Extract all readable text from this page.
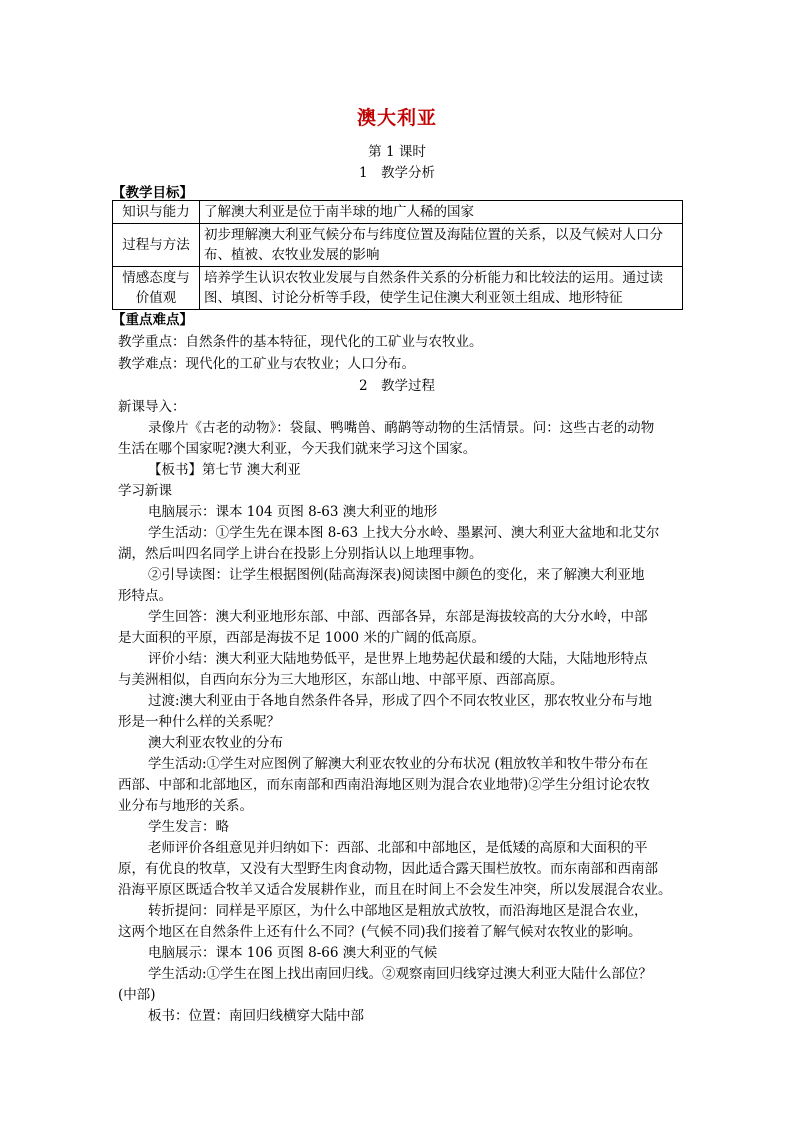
澳大利亚
第 1 课时
1　教学分析
【教学目标】
知识与能力	了解澳大利亚是位于南半球的地广人稀的国家
过程与方法	初步理解澳大利亚气候分布与纬度位置及海陆位置的关系，以及气候对人口分布、植被、农牧业发展的影响
情感态度与价值观	培养学生认识农牧业发展与自然条件关系的分析能力和比较法的运用。通过读图、填图、讨论分析等手段，使学生记住澳大利亚领土组成、地形特征
【重点难点】
教学重点：自然条件的基本特征，现代化的工矿业与农牧业。
教学难点：现代化的工矿业与农牧业；人口分布。
2　教学过程
新课导入：
录像片《古老的动物》：袋鼠、鸭嘴兽、鸸鹋等动物的生活情景。问：这些古老的动物
生活在哪个国家呢?澳大利亚，今天我们就来学习这个国家。
【板书】第七节 澳大利亚
学习新课
电脑展示：课本 104 页图 8-63 澳大利亚的地形
学生活动：①学生先在课本图 8-63 上找大分水岭、墨累河、澳大利亚大盆地和北艾尔
湖，然后叫四名同学上讲台在投影上分别指认以上地理事物。
②引导读图：让学生根据图例(陆高海深表)阅读图中颜色的变化，来了解澳大利亚地
形特点。
学生回答：澳大利亚地形东部、中部、西部各异，东部是海拔较高的大分水岭，中部
是大面积的平原，西部是海拔不足 1000 米的广阔的低高原。
评价小结：澳大利亚大陆地势低平，是世界上地势起伏最和缓的大陆，大陆地形特点
与美洲相似，自西向东分为三大地形区，东部山地、中部平原、西部高原。
过渡:澳大利亚由于各地自然条件各异，形成了四个不同农牧业区，那农牧业分布与地
形是一种什么样的关系呢？
澳大利亚农牧业的分布
学生活动:①学生对应图例了解澳大利亚农牧业的分布状况 (粗放牧羊和牧牛带分布在
西部、中部和北部地区，而东南部和西南沿海地区则为混合农业地带)②学生分组讨论农牧
业分布与地形的关系。
学生发言：略
老师评价各组意见并归纳如下：西部、北部和中部地区，是低矮的高原和大面积的平
原，有优良的牧草，又没有大型野生肉食动物，因此适合露天围栏放牧。而东南部和西南部
沿海平原区既适合牧羊又适合发展耕作业，而且在时间上不会发生冲突，所以发展混合农业。
转折提问：同样是平原区，为什么中部地区是粗放式放牧，而沿海地区是混合农业，
这两个地区在自然条件上还有什么不同？(气候不同)我们接着了解气候对农牧业的影响。
电脑展示：课本 106 页图 8-66 澳大利亚的气候
学生活动:①学生在图上找出南回归线。②观察南回归线穿过澳大利亚大陆什么部位？
(中部)
板书：位置：南回归线横穿大陆中部
